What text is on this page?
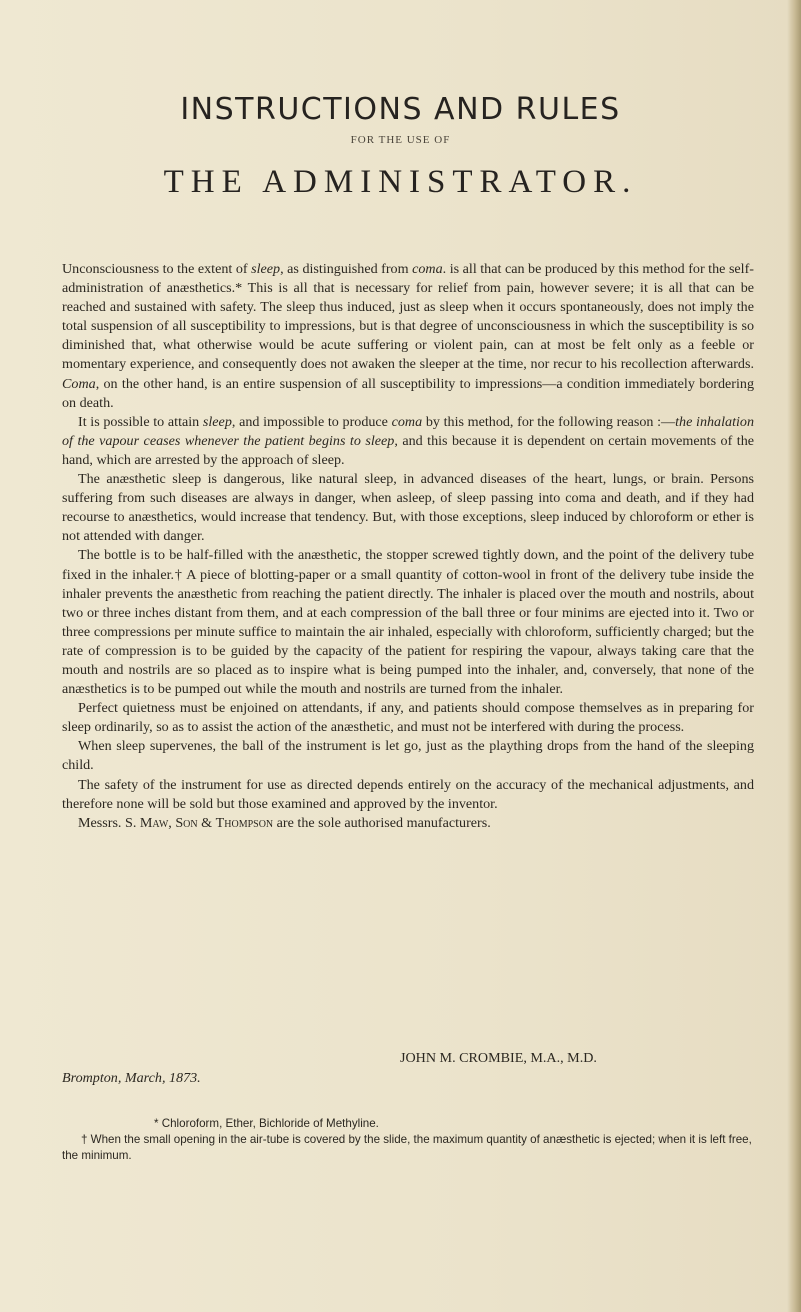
INSTRUCTIONS AND RULES
FOR THE USE OF
THE ADMINISTRATOR.

Unconsciousness to the extent of sleep, as distinguished from coma. is all that can be produced by this method for the self-administration of anæsthetics.* This is all that is necessary for relief from pain, however severe; it is all that can be reached and sustained with safety. The sleep thus induced, just as sleep when it occurs spontaneously, does not imply the total suspension of all susceptibility to impressions, but is that degree of unconsciousness in which the susceptibility is so diminished that, what otherwise would be acute suffering or violent pain, can at most be felt only as a feeble or momentary experience, and consequently does not awaken the sleeper at the time, nor recur to his recollection afterwards. Coma, on the other hand, is an entire suspension of all susceptibility to impressions—a condition immediately bordering on death.

It is possible to attain sleep, and impossible to produce coma by this method, for the following reason :—the inhalation of the vapour ceases whenever the patient begins to sleep, and this because it is dependent on certain movements of the hand, which are arrested by the approach of sleep.

The anæsthetic sleep is dangerous, like natural sleep, in advanced diseases of the heart, lungs, or brain. Persons suffering from such diseases are always in danger, when asleep, of sleep passing into coma and death, and if they had recourse to anæsthetics, would increase that tendency. But, with those exceptions, sleep induced by chloroform or ether is not attended with danger.

The bottle is to be half-filled with the anæsthetic, the stopper screwed tightly down, and the point of the delivery tube fixed in the inhaler.† A piece of blotting-paper or a small quantity of cotton-wool in front of the delivery tube inside the inhaler prevents the anæsthetic from reaching the patient directly. The inhaler is placed over the mouth and nostrils, about two or three inches distant from them, and at each compression of the ball three or four minims are ejected into it. Two or three compressions per minute suffice to maintain the air inhaled, especially with chloroform, sufficiently charged; but the rate of compression is to be guided by the capacity of the patient for respiring the vapour, always taking care that the mouth and nostrils are so placed as to inspire what is being pumped into the inhaler, and, conversely, that none of the anæsthetics is to be pumped out while the mouth and nostrils are turned from the inhaler.

Perfect quietness must be enjoined on attendants, if any, and patients should compose themselves as in preparing for sleep ordinarily, so as to assist the action of the anæsthetic, and must not be interfered with during the process.

When sleep supervenes, the ball of the instrument is let go, just as the plaything drops from the hand of the sleeping child.

The safety of the instrument for use as directed depends entirely on the accuracy of the mechanical adjustments, and therefore none will be sold but those examined and approved by the inventor.

Messrs. S. Maw, Son & Thompson are the sole authorised manufacturers.

JOHN M. CROMBIE, M.A., M.D.
Brompton, March, 1873.

* Chloroform, Ether, Bichloride of Methyline.

† When the small opening in the air-tube is covered by the slide, the maximum quantity of anæsthetic is ejected; when it is left free, the minimum.
